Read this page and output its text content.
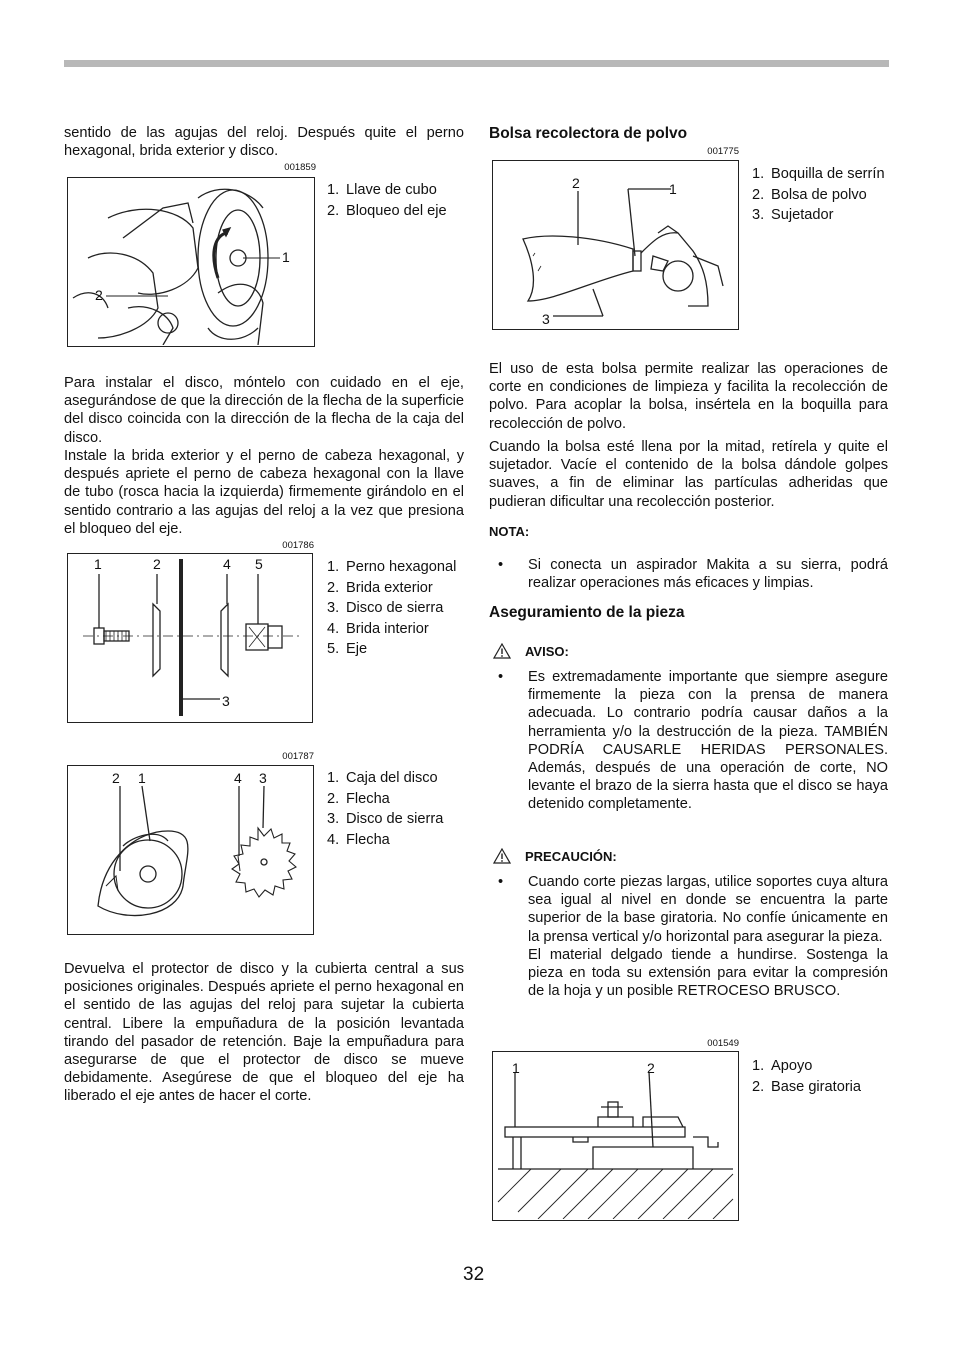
sentido de las agujas del reloj. Después quite el perno hexagonal, brida exterior y disco.

001859
1
2
1. Llave de cubo
2. Bloqueo del eje

Para instalar el disco, móntelo con cuidado en el eje, asegurándose de que la dirección de la flecha de la superficie del disco coincida con la dirección de la flecha de la caja del disco.

Instale la brida exterior y el perno de cabeza hexagonal, y después apriete el perno de cabeza hexagonal con la llave de tubo (rosca hacia la izquierda) firmemente girándolo en el sentido contrario a las agujas del reloj a la vez que presiona el bloqueo del eje.

001786
1	2	4 5
3
1. Perno hexagonal
2. Brida exterior
3. Disco de sierra
4. Brida interior
5. Eje
001787
2 1	4 3	1. Caja del disco
2. Flecha
3. Disco de sierra
4. Flecha

Devuelva el protector de disco y la cubierta central a sus posiciones originales. Después apriete el perno hexagonal en el sentido de las agujas del reloj para sujetar la cubierta central. Libere la empuñadura de la posición levantada tirando del pasador de retención. Baje la empuñadura para asegurarse de que el protector de disco se mueve debidamente. Asegúrese de que el bloqueo del eje ha liberado el eje antes de hacer el corte.

Bolsa recolectora de polvo
001775
2	1
3
1. Boquilla de serrín
2. Bolsa de polvo
3. Sujetador

El uso de esta bolsa permite realizar las operaciones de corte en condiciones de limpieza y facilita la recolección de polvo. Para acoplar la bolsa, insértela en la boquilla para recolección de polvo.

Cuando la bolsa esté llena por la mitad, retírela y quite el sujetador. Vacíe el contenido de la bolsa dándole golpes suaves, a fin de eliminar las partículas adheridas que pudieran dificultar una recolección posterior.

NOTA:
• Si conecta un aspirador Makita a su sierra, podrá realizar operaciones más eficaces y limpias.

Aseguramiento de la pieza
AVISO:
• Es extremadamente importante que siempre asegure firmemente la pieza con la prensa de manera adecuada. Lo contrario podría causar daños a la herramienta y/o la destrucción de la pieza. TAMBIÉN PODRÍA CAUSARLE HERIDAS PERSONALES. Además, después de una operación de corte, NO levante el brazo de la sierra hasta que el disco se haya detenido completamente.

PRECAUCIÓN:
• Cuando corte piezas largas, utilice soportes cuya altura sea igual al nivel en donde se encuentra la parte superior de la base giratoria. No confíe únicamente en la prensa vertical y/o horizontal para asegurar la pieza.

El material delgado tiende a hundirse. Sostenga la pieza en toda su extensión para evitar la compresión de la hoja y un posible RETROCESO BRUSCO.

001549
1	2	1. Apoyo
2. Base giratoria
32
